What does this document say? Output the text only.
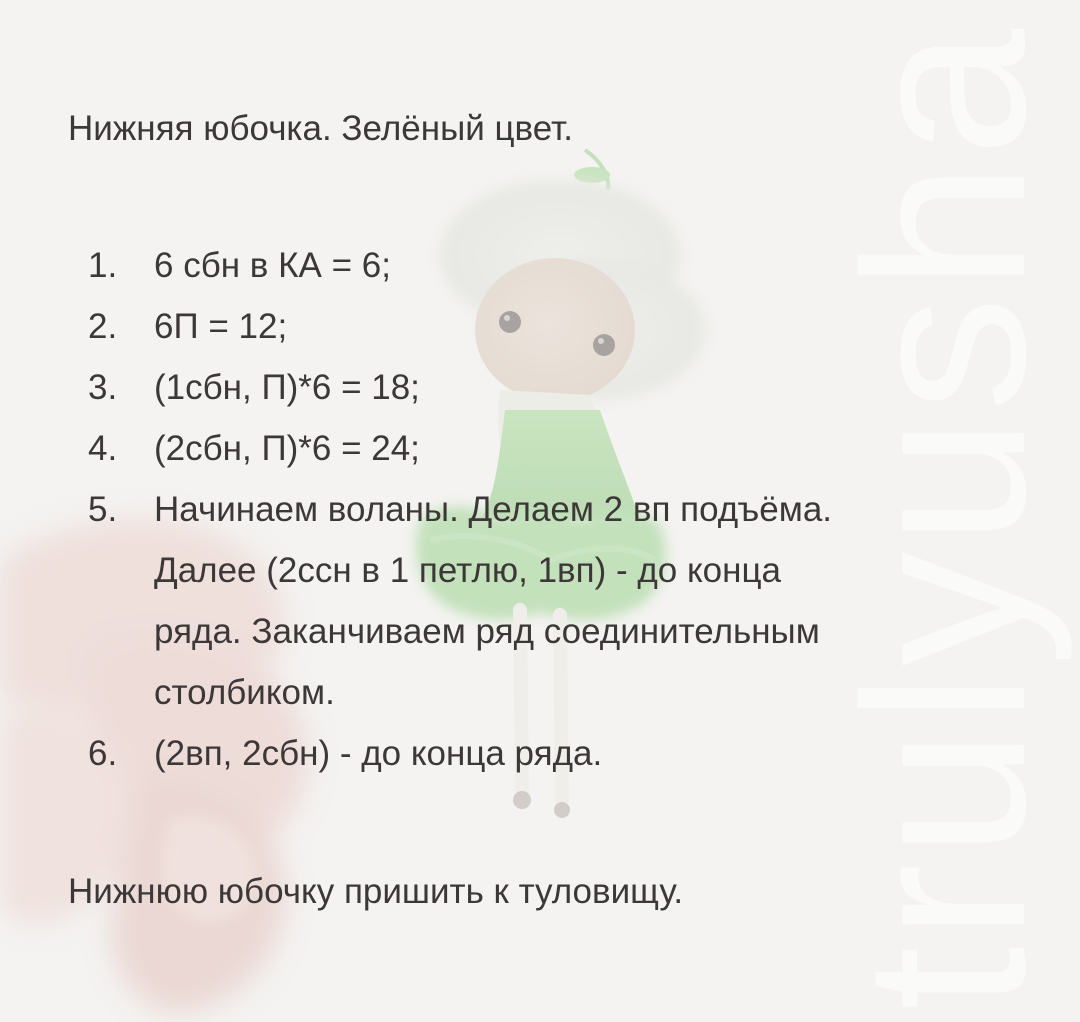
trulyusha
Нижняя юбочка. Зелёный цвет.
1.	6 сбн в КА = 6;
2.	6П = 12;
3.	(1сбн, П)*6 = 18;
4.	(2сбн, П)*6 = 24;
5.	Начинаем воланы. Делаем 2 вп подъёма. Далее (2ссн в 1 петлю, 1вп) - до конца ряда. Заканчиваем ряд соединительным столбиком.
6.	(2вп, 2сбн) - до конца ряда.

Нижнюю юбочку пришить к туловищу.
